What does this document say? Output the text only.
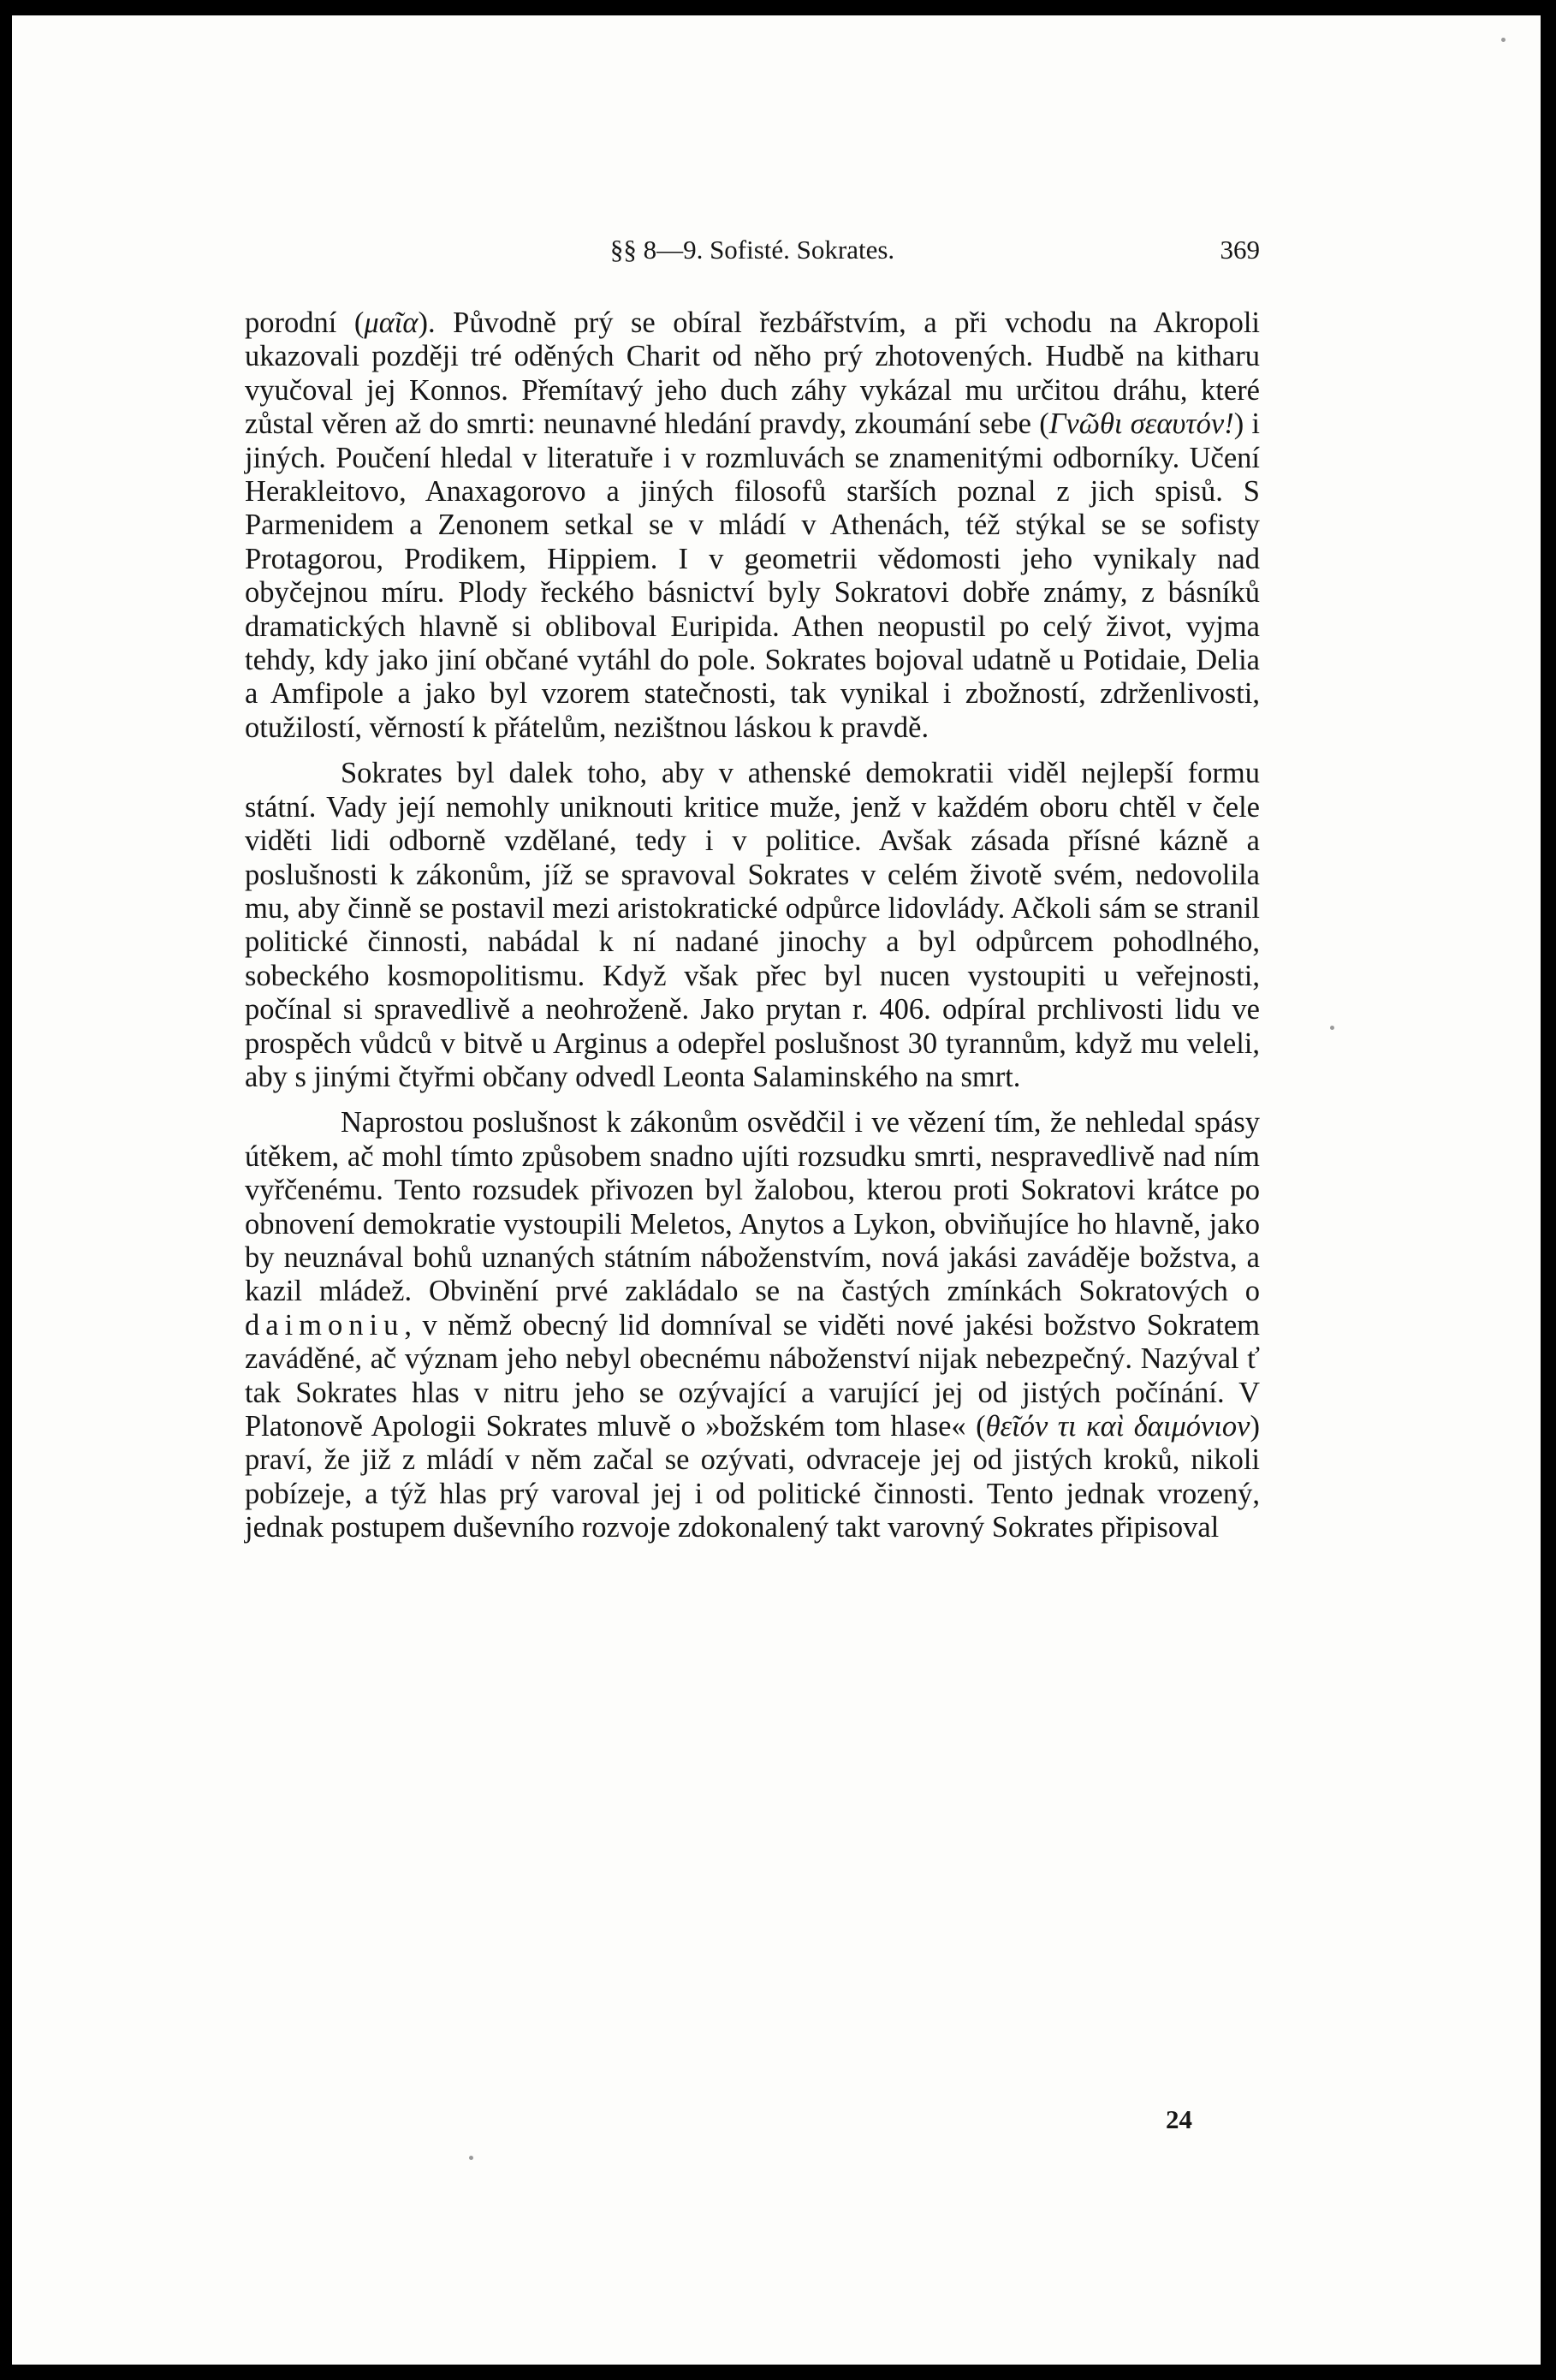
§§ 8—9. Sofisté. Sokrates.	369

porodní (μαῖα). Původně prý se obíral řezbářstvím, a při vchodu na Akropoli ukazovali později tré oděných Charit od něho prý zhotovených. Hudbě na kitharu vyučoval jej Konnos. Přemítavý jeho duch záhy vykázal mu určitou dráhu, které zůstal věren až do smrti: neunavné hledání pravdy, zkoumání sebe (Γνῶθι σεαυτόν!) i jiných. Poučení hledal v literatuře i v rozmluvách se znamenitými odborníky. Učení Herakleitovo, Anaxagorovo a jiných filosofů starších poznal z jich spisů. S Parmenidem a Zenonem setkal se v mládí v Athenách, též stýkal se se sofisty Protagorou, Prodikem, Hippiem. I v geometrii vědomosti jeho vynikaly nad obyčejnou míru. Plody řeckého básnictví byly Sokratovi dobře známy, z básníků dramatických hlavně si obliboval Euripida. Athen neopustil po celý život, vyjma tehdy, kdy jako jiní občané vytáhl do pole. Sokrates bojoval udatně u Potidaie, Delia a Amfipole a jako byl vzorem statečnosti, tak vynikal i zbožností, zdrženlivosti, otužilostí, věrností k přátelům, nezištnou láskou k pravdě.

Sokrates byl dalek toho, aby v athenské demokratii viděl nejlepší formu státní. Vady její nemohly uniknouti kritice muže, jenž v každém oboru chtěl v čele viděti lidi odborně vzdělané, tedy i v politice. Avšak zásada přísné kázně a poslušnosti k zákonům, jíž se spravoval Sokrates v celém životě svém, nedovolila mu, aby činně se postavil mezi aristokratické odpůrce lidovlády. Ačkoli sám se stranil politické činnosti, nabádal k ní nadané jinochy a byl odpůrcem pohodlného, sobeckého kosmopolitismu. Když však přec byl nucen vystoupiti u veřejnosti, počínal si spravedlivě a neohroženě. Jako prytan r. 406. odpíral prchlivosti lidu ve prospěch vůdců v bitvě u Arginus a odepřel poslušnost 30 tyrannům, když mu veleli, aby s jinými čtyřmi občany odvedl Leonta Salaminského na smrt.

Naprostou poslušnost k zákonům osvědčil i ve vězení tím, že nehledal spásy útěkem, ač mohl tímto způsobem snadno ujíti rozsudku smrti, nespravedlivě nad ním vyřčenému. Tento rozsudek přivozen byl žalobou, kterou proti Sokratovi krátce po obnovení demokratie vystoupili Meletos, Anytos a Lykon, obviňujíce ho hlavně, jako by neuznával bohů uznaných státním náboženstvím, nová jakási zaváděje božstva, a kazil mládež. Obvinění prvé zakládalo se na častých zmínkách Sokratových o daimoniu, v němž obecný lid domníval se viděti nové jakési božstvo Sokratem zaváděné, ač význam jeho nebyl obecnému náboženství nijak nebezpečný. Nazýval ť tak Sokrates hlas v nitru jeho se ozývající a varující jej od jistých počínání. V Platonově Apologii Sokrates mluvě o »božském tom hlase« (θεῖόν τι καὶ δαιμόνιον) praví, že již z mládí v něm začal se ozývati, odvraceje jej od jistých kroků, nikoli pobízeje, a týž hlas prý varoval jej i od politické činnosti. Tento jednak vrozený, jednak postupem duševního rozvoje zdokonalený takt varovný Sokrates připisoval

24
